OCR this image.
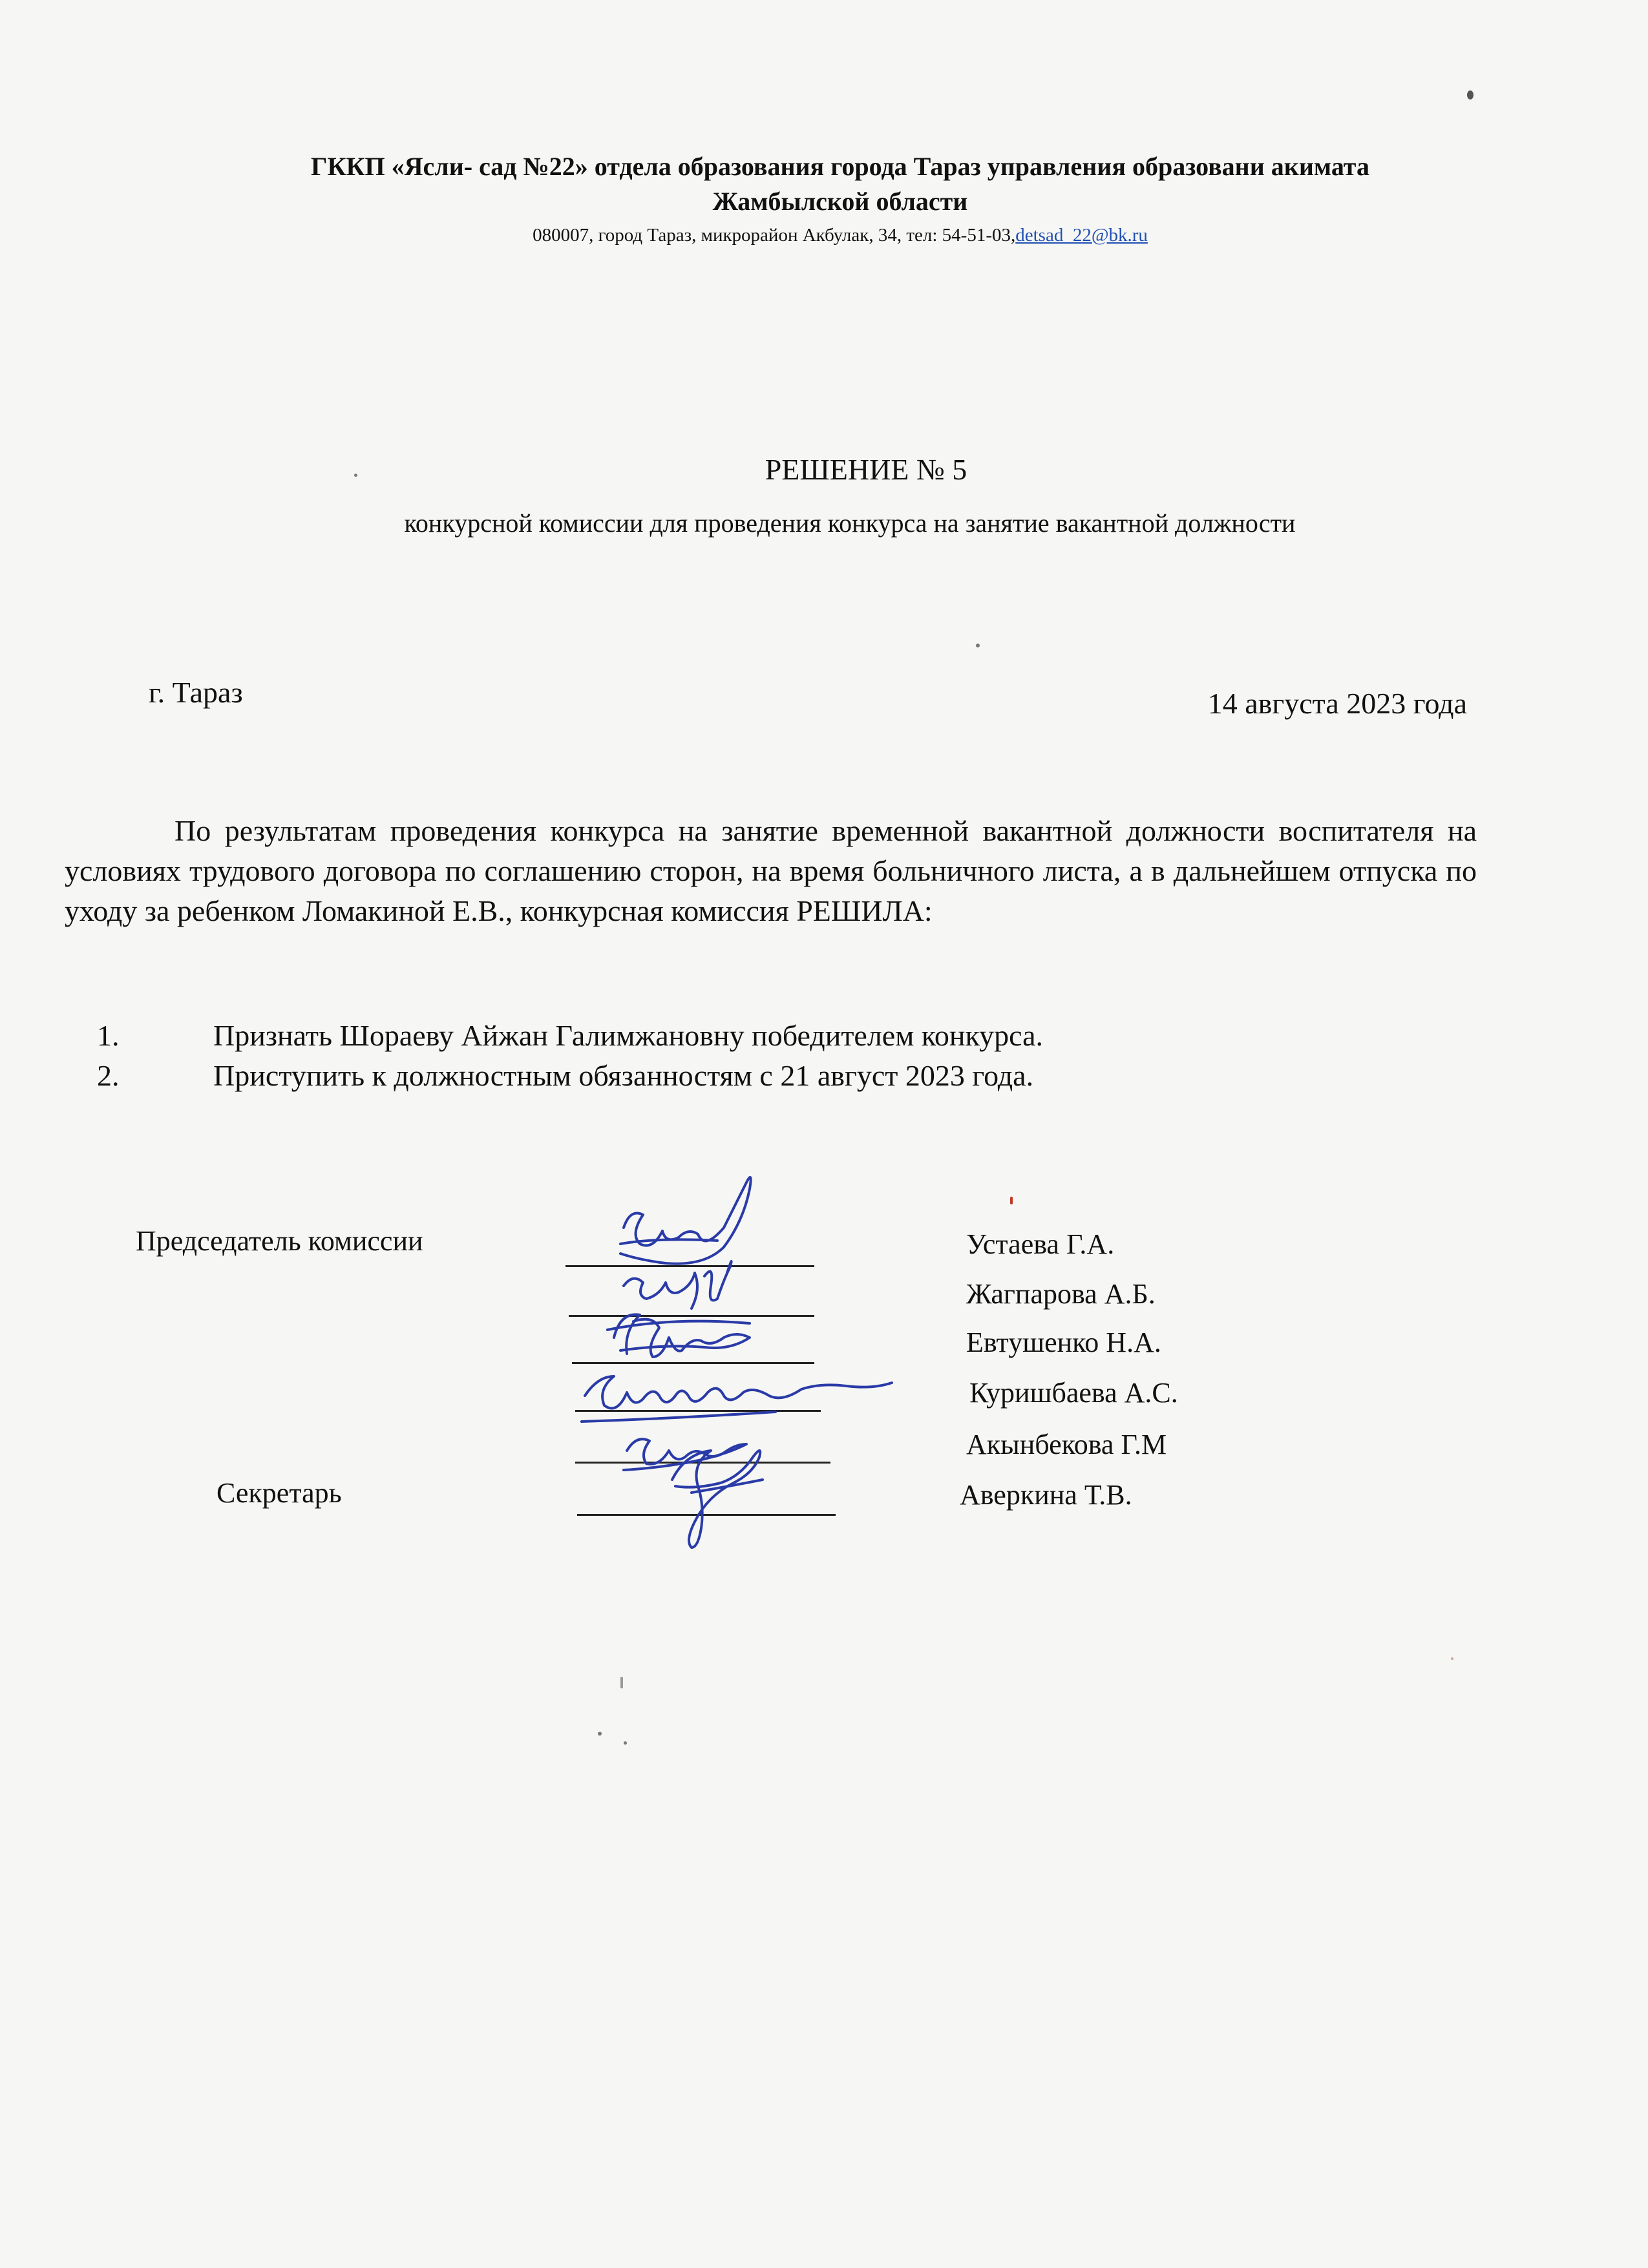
ГККП «Ясли- сад №22» отдела образования города Тараз управления образовани акимата
Жамбылской области
080007, город Тараз, микрорайон Акбулак, 34, тел: 54-51-03,detsad_22@bk.ru
РЕШЕНИЕ № 5
конкурсной комиссии для проведения конкурса на занятие вакантной должности
г. Тараз	14 августа 2023 года
По результатам проведения конкурса на занятие временной вакантной должности воспитателя на условиях трудового договора по соглашению сторон, на время больничного листа, а в дальнейшем отпуска по уходу за ребенком Ломакиной Е.В., конкурсная комиссия РЕШИЛА:
1.	Признать Шораеву Айжан Галимжановну победителем конкурса.
2.	Приступить к должностным обязанностям с 21 август 2023 года.
Председатель комиссии
Секретарь
Устаева Г.А.
Жагпарова А.Б.
Евтушенко Н.А.
Куришбаева А.С.
Акынбекова Г.М
Аверкина Т.В.
